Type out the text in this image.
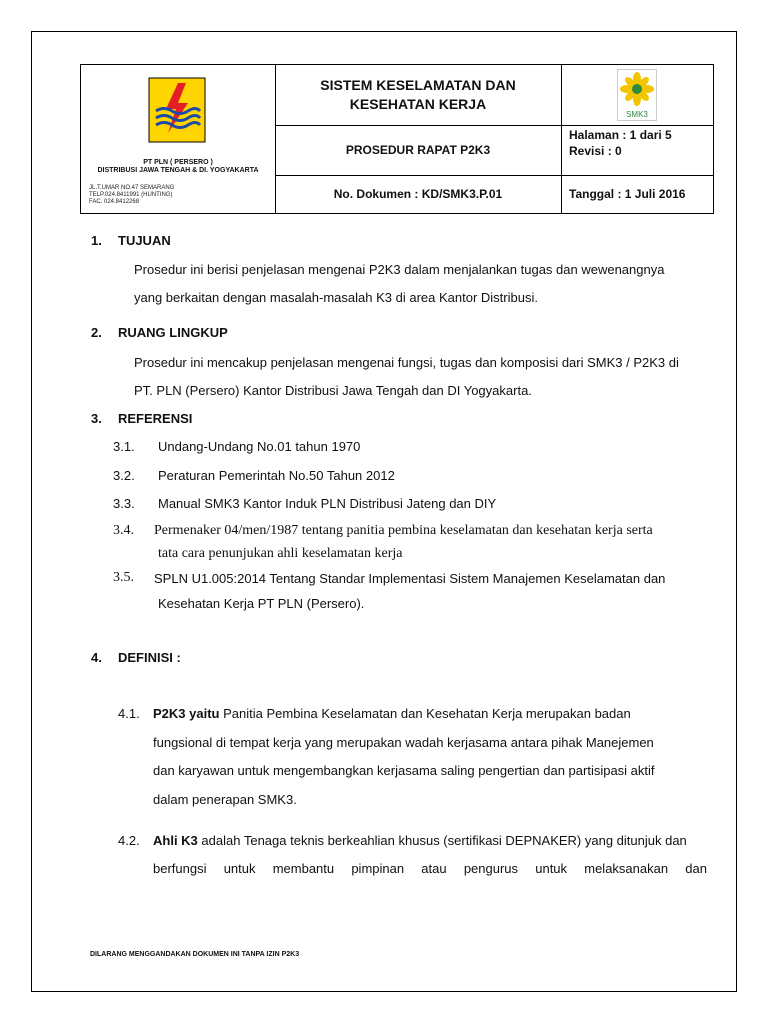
PT PLN ( PERSERO )
DISTRIBUSI JAWA TENGAH & DI. YOGYAKARTA
JL.T.UMAR NO.47 SEMARANG
TELP.024.8411991 (HUNTING)
FAC. 024.8412268
SISTEM KESELAMATAN DAN
KESEHATAN KERJA
SMK3
PROSEDUR RAPAT P2K3
Halaman : 1 dari 5
Revisi : 0
No. Dokumen : KD/SMK3.P.01	Tanggal : 1 Juli 2016
1. TUJUAN
Prosedur ini berisi penjelasan mengenai P2K3 dalam menjalankan tugas dan wewenangnya
yang berkaitan dengan masalah-masalah K3 di area Kantor Distribusi.
2. RUANG LINGKUP
Prosedur ini mencakup penjelasan mengenai fungsi, tugas dan komposisi dari SMK3 / P2K3 di
PT. PLN (Persero) Kantor Distribusi Jawa Tengah dan DI Yogyakarta.
3. REFERENSI
3.1. Undang-Undang No.01 tahun 1970
3.2. Peraturan Pemerintah No.50 Tahun 2012
3.3. Manual SMK3 Kantor Induk PLN Distribusi Jateng dan DIY
3.4. Permenaker 04/men/1987 tentang panitia pembina keselamatan dan kesehatan kerja serta
tata cara penunjukan ahli keselamatan kerja
3.5. SPLN U1.005:2014 Tentang Standar Implementasi Sistem Manajemen Keselamatan dan
Kesehatan Kerja PT PLN (Persero).
4. DEFINISI :
4.1. P2K3 yaitu Panitia Pembina Keselamatan dan Kesehatan Kerja merupakan badan
fungsional di tempat kerja yang merupakan wadah kerjasama antara pihak Manejemen
dan karyawan untuk mengembangkan kerjasama saling pengertian dan partisipasi aktif
dalam penerapan SMK3.
4.2. Ahli K3 adalah Tenaga teknis berkeahlian khusus (sertifikasi DEPNAKER) yang ditunjuk dan
berfungsi untuk membantu pimpinan atau pengurus untuk melaksanakan dan
DILARANG MENGGANDAKAN DOKUMEN INI TANPA IZIN P2K3
